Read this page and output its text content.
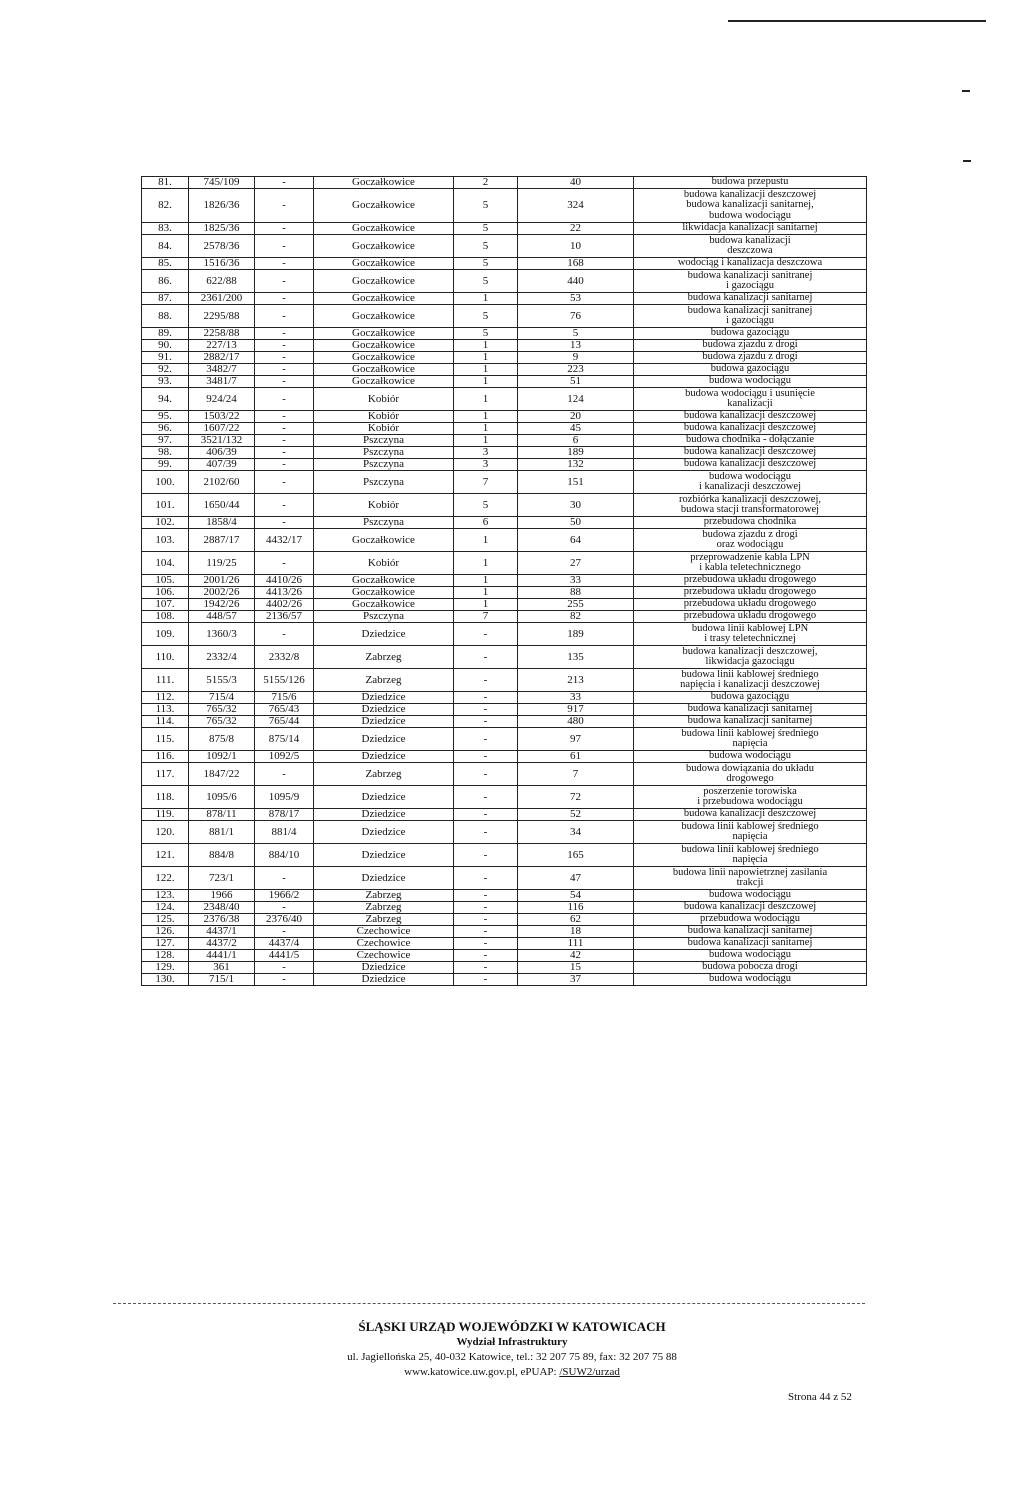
81.	745/109	-	Goczałkowice	2	40	budowa przepustu

82.	1826/36	-	Goczałkowice	5	324	budowa kanalizacji deszczowej
budowa kanalizacji sanitarnej,
budowa wodociągu

83.	1825/36	-	Goczałkowice	5	22	likwidacja kanalizacji sanitarnej

84.	2578/36	-	Goczałkowice	5	10	budowa kanalizacji
deszczowa

85.	1516/36	-	Goczałkowice	5	168	wodociąg i kanalizacja deszczowa

86.	622/88	-	Goczałkowice	5	440	budowa kanalizacji sanitranej
i gazociągu

87.	2361/200	-	Goczałkowice	1	53	budowa kanalizacji sanitarnej

88.	2295/88	-	Goczałkowice	5	76	budowa kanalizacji sanitranej
i gazociągu

89.	2258/88	-	Goczałkowice	5	5	budowa gazociągu

90.	227/13	-	Goczałkowice	1	13	budowa zjazdu z drogi

91.	2882/17	-	Goczałkowice	1	9	budowa zjazdu z drogi

92.	3482/7	-	Goczałkowice	1	223	budowa gazociągu

93.	3481/7	-	Goczałkowice	1	51	budowa wodociągu

94.	924/24	-	Kobiór	1	124	budowa wodociągu i usunięcie
kanalizacji

95.	1503/22	-	Kobiór	1	20	budowa kanalizacji deszczowej

96.	1607/22	-	Kobiór	1	45	budowa kanalizacji deszczowej

97.	3521/132	-	Pszczyna	1	6	budowa chodnika - dołączanie

98.	406/39	-	Pszczyna	3	189	budowa kanalizacji deszczowej

99.	407/39	-	Pszczyna	3	132	budowa kanalizacji deszczowej

100.	2102/60	-	Pszczyna	7	151	budowa wodociągu
i kanalizacji deszczowej

101.	1650/44	-	Kobiór	5	30	rozbiórka kanalizacji deszczowej,
budowa stacji transformatorowej

102.	1858/4	-	Pszczyna	6	50	przebudowa chodnika

103.	2887/17	4432/17	Goczałkowice	1	64	budowa zjazdu z drogi
oraz wodociągu

104.	119/25	-	Kobiór	1	27	przeprowadzenie kabla LPN
i kabla teletechnicznego

105.	2001/26	4410/26	Goczałkowice	1	33	przebudowa układu drogowego

106.	2002/26	4413/26	Goczałkowice	1	88	przebudowa układu drogowego

107.	1942/26	4402/26	Goczałkowice	1	255	przebudowa układu drogowego

108.	448/57	2136/57	Pszczyna	7	82	przebudowa układu drogowego

109.	1360/3	-	Dziedzice	-	189	budowa linii kablowej LPN
i trasy teletechnicznej

110.	2332/4	2332/8	Zabrzeg	-	135	budowa kanalizacji deszczowej,
likwidacja gazociągu

111.	5155/3	5155/126	Zabrzeg	-	213	budowa linii kablowej średniego
napięcia i kanalizacji deszczowej

112.	715/4	715/6	Dziedzice	-	33	budowa gazociągu

113.	765/32	765/43	Dziedzice	-	917	budowa kanalizacji sanitarnej

114.	765/32	765/44	Dziedzice	-	480	budowa kanalizacji sanitarnej

115.	875/8	875/14	Dziedzice	-	97	budowa linii kablowej średniego
napięcia

116.	1092/1	1092/5	Dziedzice	-	61	budowa wodociągu

117.	1847/22	-	Zabrzeg	-	7	budowa dowiązania do układu
drogowego

118.	1095/6	1095/9	Dziedzice	-	72	poszerzenie torowiska
i przebudowa wodociągu

119.	878/11	878/17	Dziedzice	-	52	budowa kanalizacji deszczowej

120.	881/1	881/4	Dziedzice	-	34	budowa linii kablowej średniego
napięcia

121.	884/8	884/10	Dziedzice	-	165	budowa linii kablowej średniego
napięcia

122.	723/1	-	Dziedzice	-	47	budowa linii napowietrznej zasilania
trakcji

123.	1966	1966/2	Zabrzeg	-	54	budowa wodociągu

124.	2348/40	-	Zabrzeg	-	116	budowa kanalizacji deszczowej

125.	2376/38	2376/40	Zabrzeg	-	62	przebudowa wodociągu

126.	4437/1	-	Czechowice	-	18	budowa kanalizacji sanitarnej

127.	4437/2	4437/4	Czechowice	-	111	budowa kanalizacji sanitarnej

128.	4441/1	4441/5	Czechowice	-	42	budowa wodociągu

129.	361	-	Dziedzice	-	15	budowa pobocza drogi

130.	715/1	-	Dziedzice	-	37	budowa wodociągu
ŚLĄSKI URZĄD WOJEWÓDZKI W KATOWICACH
Wydział Infrastruktury
ul. Jagiellońska 25, 40-032 Katowice, tel.: 32 207 75 89, fax: 32 207 75 88
www.katowice.uw.gov.pl, ePUAP: /SUW2/urzad
Strona 44 z 52
